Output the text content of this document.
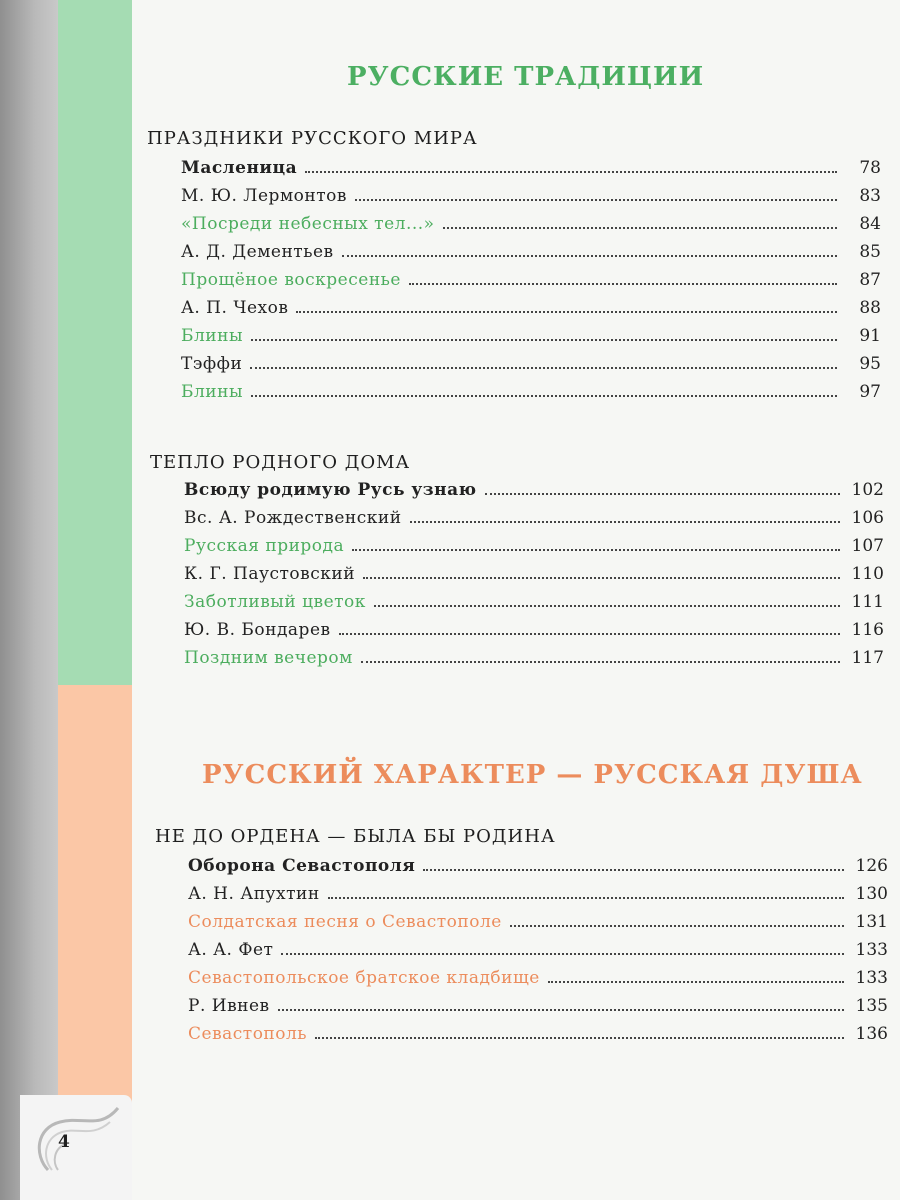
4
РУССКИЕ ТРАДИЦИИ
ПРАЗДНИКИ РУССКОГО МИРА
Масленица	78
М. Ю. Лермонтов	83
«Посреди небесных тел...»	84
А. Д. Дементьев	85
Прощёное воскресенье	87
А. П. Чехов	88
Блины	91
Тэффи	95
Блины	97
ТЕПЛО РОДНОГО ДОМА
Всюду родимую Русь узнаю	102
Вс. А. Рождественский	106
Русская природа	107
К. Г. Паустовский	110
Заботливый цветок	111
Ю. В. Бондарев	116
Поздним вечером	117
РУССКИЙ ХАРАКТЕР — РУССКАЯ ДУША
НЕ ДО ОРДЕНА — БЫЛА БЫ РОДИНА
Оборона Севастополя	126
А. Н. Апухтин	130
Солдатская песня о Севастополе	131
А. А. Фет	133
Севастопольское братское кладбище	133
Р. Ивнев	135
Севастополь	136
